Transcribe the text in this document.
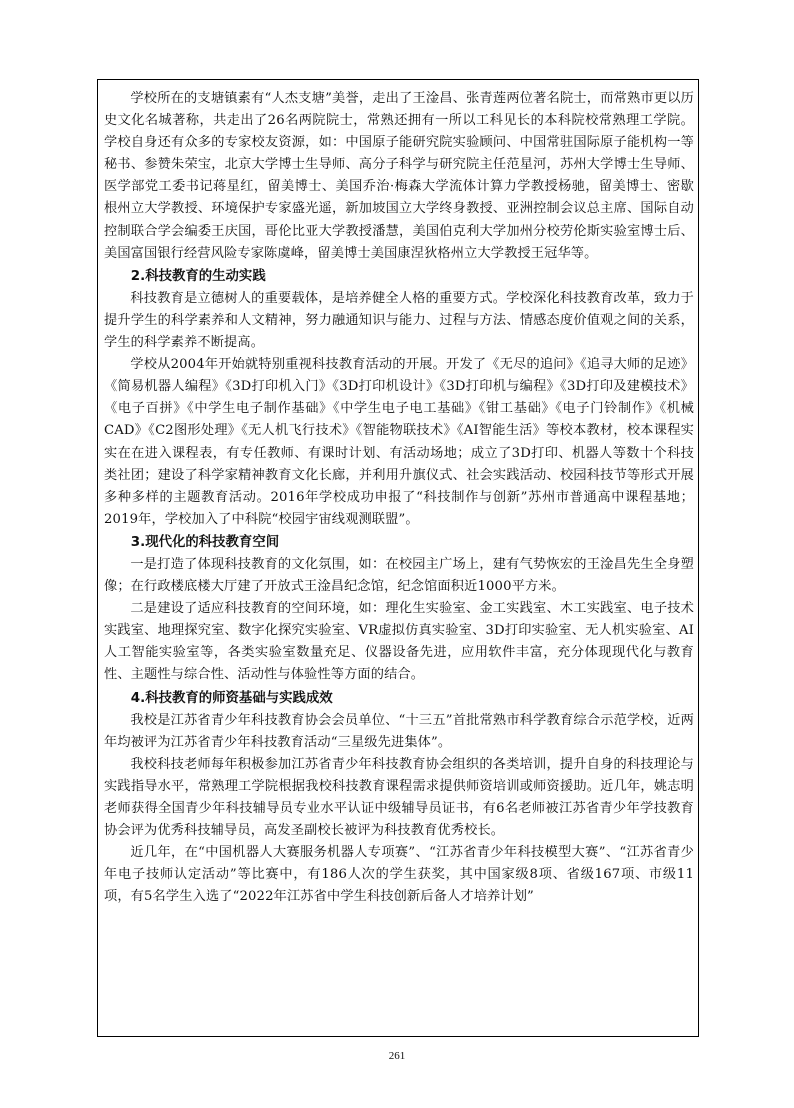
学校所在的支塘镇素有“人杰支塘”美誉，走出了王淦昌、张青莲两位著名院士，而常熟市更以历史文化名城著称，共走出了26名两院院士，常熟还拥有一所以工科见长的本科院校常熟理工学院。学校自身还有众多的专家校友资源，如：中国原子能研究院实验顾问、中国常驻国际原子能机构一等秘书、参赞朱荣宝，北京大学博士生导师、高分子科学与研究院主任范星河，苏州大学博士生导师、医学部党工委书记蒋星红，留美博士、美国乔治·梅森大学流体计算力学教授杨驰，留美博士、密歇根州立大学教授、环境保护专家盛光遥，新加坡国立大学终身教授、亚洲控制会议总主席、国际自动控制联合学会编委王庆国，哥伦比亚大学教授潘慧，美国伯克利大学加州分校劳伦斯实验室博士后、美国富国银行经营风险专家陈虞峰，留美博士美国康涅狄格州立大学教授王冠华等。

2.科技教育的生动实践

科技教育是立德树人的重要载体，是培养健全人格的重要方式。学校深化科技教育改革，致力于提升学生的科学素养和人文精神，努力融通知识与能力、过程与方法、情感态度价值观之间的关系，学生的科学素养不断提高。

学校从2004年开始就特别重视科技教育活动的开展。开发了《无尽的追问》《追寻大师的足迹》《简易机器人编程》《3D打印机入门》《3D打印机设计》《3D打印机与编程》《3D打印及建模技术》《电子百拼》《中学生电子制作基础》《中学生电子电工基础》《钳工基础》《电子门铃制作》《机械CAD》《C2图形处理》《无人机飞行技术》《智能物联技术》《AI智能生活》等校本教材，校本课程实实在在进入课程表，有专任教师、有课时计划、有活动场地；成立了3D打印、机器人等数十个科技类社团；建设了科学家精神教育文化长廊，并利用升旗仪式、社会实践活动、校园科技节等形式开展多种多样的主题教育活动。2016年学校成功申报了“科技制作与创新”苏州市普通高中课程基地；2019年，学校加入了中科院“校园宇宙线观测联盟”。

3.现代化的科技教育空间

一是打造了体现科技教育的文化氛围，如：在校园主广场上，建有气势恢宏的王淦昌先生全身塑像；在行政楼底楼大厅建了开放式王淦昌纪念馆，纪念馆面积近1000平方米。

二是建设了适应科技教育的空间环境，如：理化生实验室、金工实践室、木工实践室、电子技术实践室、地理探究室、数字化探究实验室、VR虚拟仿真实验室、3D打印实验室、无人机实验室、AI人工智能实验室等，各类实验室数量充足、仪器设备先进，应用软件丰富，充分体现现代化与教育性、主题性与综合性、活动性与体验性等方面的结合。

4.科技教育的师资基础与实践成效

我校是江苏省青少年科技教育协会会员单位、“十三五”首批常熟市科学教育综合示范学校，近两年均被评为江苏省青少年科技教育活动“三星级先进集体”。

我校科技老师每年积极参加江苏省青少年科技教育协会组织的各类培训，提升自身的科技理论与实践指导水平，常熟理工学院根据我校科技教育课程需求提供师资培训或师资援助。近几年，姚志明老师获得全国青少年科技辅导员专业水平认证中级辅导员证书，有6名老师被江苏省青少年学技教育协会评为优秀科技辅导员，高发圣副校长被评为科技教育优秀校长。

近几年，在“中国机器人大赛服务机器人专项赛”、“江苏省青少年科技模型大赛”、“江苏省青少年电子技师认定活动”等比赛中，有186人次的学生获奖，其中国家级8项、省级167项、市级11项，有5名学生入选了“2022年江苏省中学生科技创新后备人才培养计划”

261
